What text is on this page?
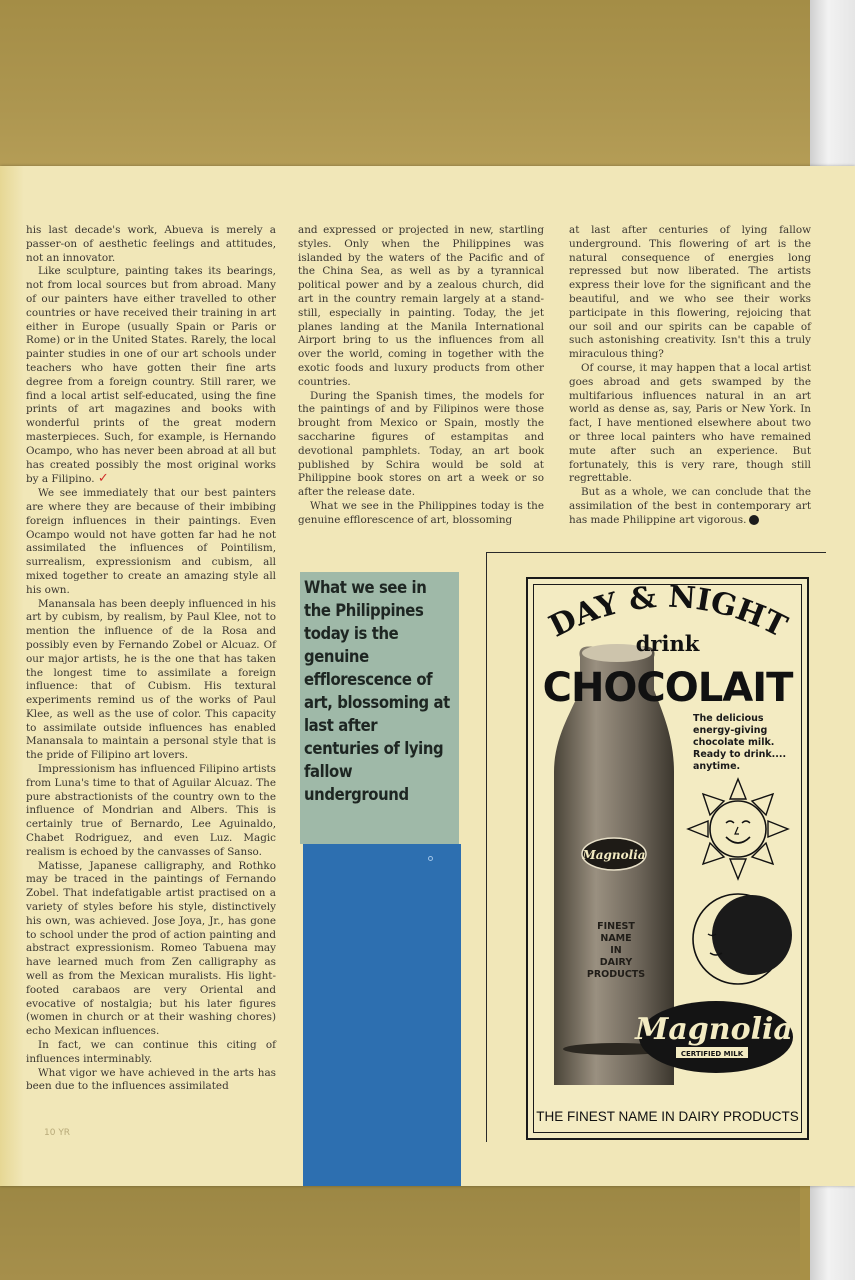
his last decade's work, Abueva is merely a passer-on of aesthetic feelings and attitudes, not an innovator.

Like sculpture, painting takes its bearings, not from local sources but from abroad. Many of our painters have either travelled to other countries or have received their training in art either in Europe (usually Spain or Paris or Rome) or in the United States. Rarely, the local painter studies in one of our art schools under teachers who have gotten their fine arts degree from a foreign country. Still rarer, we find a local artist self-educated, using the fine prints of art magazines and books with wonderful prints of the great modern masterpieces. Such, for example, is Hernando Ocampo, who has never been abroad at all but has created possibly the most original works by a Filipino. ✓

We see immediately that our best painters are where they are because of their imbibing foreign influences in their paintings. Even Ocampo would not have gotten far had he not assimilated the influences of Pointilism, surrealism, expressionism and cubism, all mixed together to create an amazing style all his own.

Manansala has been deeply influenced in his art by cubism, by realism, by Paul Klee, not to mention the influence of de la Rosa and possibly even by Fernando Zobel or Alcuaz. Of our major artists, he is the one that has taken the longest time to assimilate a foreign influence: that of Cubism. His textural experiments remind us of the works of Paul Klee, as well as the use of color. This capacity to assimilate outside influences has enabled Manansala to maintain a personal style that is the pride of Filipino art lovers.

Impressionism has influenced Filipino artists from Luna's time to that of Aguilar Alcuaz. The pure abstractionists of the country own to the influence of Mondrian and Albers. This is certainly true of Bernardo, Lee Aguinaldo, Chabet Rodriguez, and even Luz. Magic realism is echoed by the canvasses of Sanso.

Matisse, Japanese calligraphy, and Rothko may be traced in the paintings of Fernando Zobel. That indefatigable artist practised on a variety of styles before his style, distinctively his own, was achieved. Jose Joya, Jr., has gone to school under the prod of action painting and abstract expressionism. Romeo Tabuena may have learned much from Zen calligraphy as well as from the Mexican muralists. His light-footed carabaos are very Oriental and evocative of nostalgia; but his later figures (women in church or at their washing chores) echo Mexican influences.

In fact, we can continue this citing of influences interminably.

What vigor we have achieved in the arts has been due to the influences assimilated

and expressed or projected in new, startling styles. Only when the Philippines was islanded by the waters of the Pacific and of the China Sea, as well as by a tyrannical political power and by a zealous church, did art in the country remain largely at a stand-still, especially in painting. Today, the jet planes landing at the Manila International Airport bring to us the influences from all over the world, coming in together with the exotic foods and luxury products from other countries.

During the Spanish times, the models for the paintings of and by Filipinos were those brought from Mexico or Spain, mostly the saccharine figures of estampitas and devotional pamphlets. Today, an art book published by Schira would be sold at Philippine book stores on art a week or so after the release date.

What we see in the Philippines today is the genuine efflorescence of art, blossoming

at last after centuries of lying fallow underground. This flowering of art is the natural consequence of energies long repressed but now liberated. The artists express their love for the significant and the beautiful, and we who see their works participate in this flowering, rejoicing that our soil and our spirits can be capable of such astonishing creativity. Isn't this a truly miraculous thing?

Of course, it may happen that a local artist goes abroad and gets swamped by the multifarious influences natural in an art world as dense as, say, Paris or New York. In fact, I have mentioned elsewhere about two or three local painters who have remained mute after such an experience. But fortunately, this is very rare, though still regrettable.

But as a whole, we can conclude that the assimilation of the best in contemporary art has made Philippine art vigorous.

10 YR
What we see in the Philippines today is the genuine efflorescence of art, blossoming at last after centuries of lying fallow underground
DAY & NIGHT
Magnolia
FINEST
NAME
IN
DAIRY
PRODUCTS
Magnolia
CERTIFIED MILK
drink
CHOCOLAIT
The delicious energy-giving chocolate milk. Ready to drink.... anytime.
THE FINEST NAME IN DAIRY PRODUCTS
